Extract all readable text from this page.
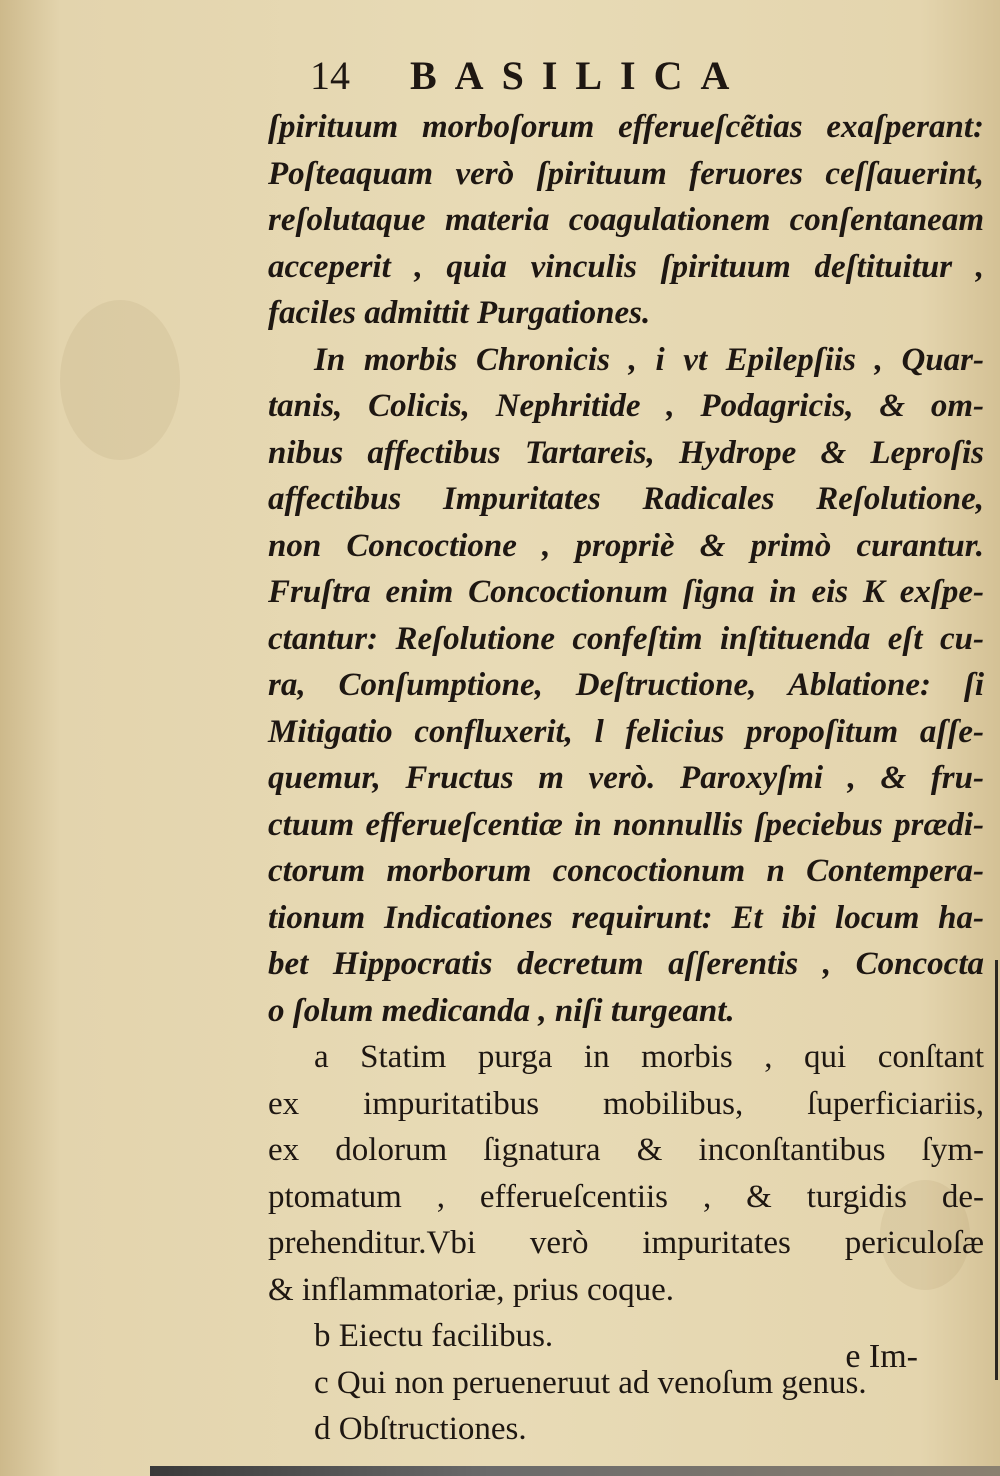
14 BASILICA
ſpirituum morboſorum efferueſcẽtias exaſperant:
Poſteaquam verò ſpirituum feruores ceſſauerint,
reſolutaque materia coagulationem conſentaneam
acceperit , quia vinculis ſpirituum deſtituitur ,
faciles admittit Purgationes.
In morbis Chronicis , i vt Epilepſiis , Quar-
tanis, Colicis, Nephritide , Podagricis, & om-
nibus affectibus Tartareis, Hydrope & Leproſis
affectibus Impuritates Radicales Reſolutione,
non Concoctione , propriè & primò curantur.
Fruſtra enim Concoctionum ſigna in eis K exſpe-
ctantur: Reſolutione confeſtim inſtituenda eſt cu-
ra, Conſumptione, Deſtructione, Ablatione: ſi
Mitigatio confluxerit, l felicius propoſitum aſſe-
quemur, Fructus m verò. Paroxyſmi , & fru-
ctuum efferueſcentiæ in nonnullis ſpeciebus prædi-
ctorum morborum concoctionum n Contempera-
tionum Indicationes requirunt: Et ibi locum ha-
bet Hippocratis decretum aſſerentis , Concocta
o ſolum medicanda , niſi turgeant.
a Statim purga in morbis , qui conſtant
ex impuritatibus mobilibus, ſuperficiariis,
ex dolorum ſignatura & inconſtantibus ſym-
ptomatum , efferueſcentiis , & turgidis de-
prehenditur.Vbi verò impuritates periculoſæ
& inflammatoriæ, prius coque.
b Eiectu facilibus.
c Qui non perueneruut ad venoſum genus.
d Obſtructiones.
e Im-
